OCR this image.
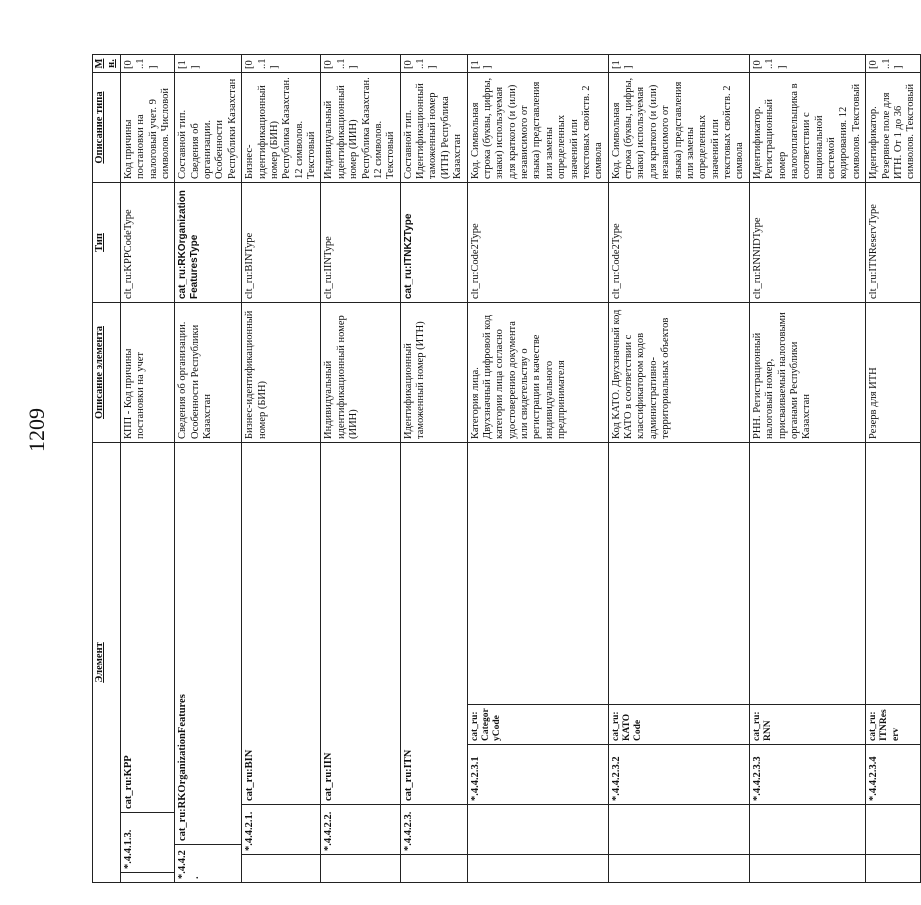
1209
Элемент	Описание элемента	Тип	Описание типа	Мн.

*.4.4.1.3.
cat_ru:KPP	КПП - Код причины постановки на учет	clt_ru:KPPCodeType	Код причины постановки на налоговый учет. 9 символов. Числовой	[0..1]

*.4.4.2.
cat_ru:RKOrganizationFeatures	Сведения об организации. Особенности Республики Казахстан	cat_ru:RKOrganizationFeaturesType	Составной тип. Сведения об организации. Особенности Республики Казахстан	[1]

*.4.4.2.1.
cat_ru:BIN	Бизнес-идентификационный номер (БИН)	clt_ru:BINType	Бизнес-идентификационный номер (БИН) Республика Казахстан. 12 символов. Текстовый	[0..1]

*.4.4.2.2.
cat_ru:IIN	Индивидуальный идентификационный номер (ИИН)	clt_ru:IINType	Индивидуальный идентификационный номер (ИИН) Республика Казахстан. 12 символов. Текстовый	[0..1]

*.4.4.2.3.
cat_ru:ITN	Идентификационный таможенный номер (ИТН)	cat_ru:ITNKZType	Составной тип. Идентификационный таможенный номер (ИТН) Республика Казахстан	[0..1]

*.4.4.2.3.1
cat_ru:CategoryCode	Категория лица. Двухзначный цифровой код категории лица согласно удостоверению документа или свидетельству о регистрации в качестве индивидуального предпринимателя	clt_ru:Code2Type	Код. Символьная строка (буквы, цифры, знаки) используемая для краткого (и (или) независимого от языка) представления или замены определенных значений или текстовых свойств. 2 символа	[1]

*.4.4.2.3.2
cat_ru:KATOCode	Код КАТО. Двухзначный код КАТО в соответствии с классификатором кодов административно-территориальных объектов	clt_ru:Code2Type	Код. Символьная строка (буквы, цифры, знаки) используемая для краткого (и (или) независимого от языка) представления или замены определенных значений или текстовых свойств. 2 символа	[1]

*.4.4.2.3.3
cat_ru:RNN	РНН. Регистрационный налоговый номер, присваиваемый налоговыми органами Республики Казахстан	clt_ru:RNNIDType	Идентификатор. Регистрационный номер налогоплательщика в соответствии с национальной системой кодирования. 12 символов. Текстовый	[0..1]

*.4.4.2.3.4
cat_ru:ITNReserv	Резерв для ИТН	clt_ru:ITNReservType	Идентификатор. Резервное поле для ИТН. От 1 до 36 символов. Текстовый	[0..1]
